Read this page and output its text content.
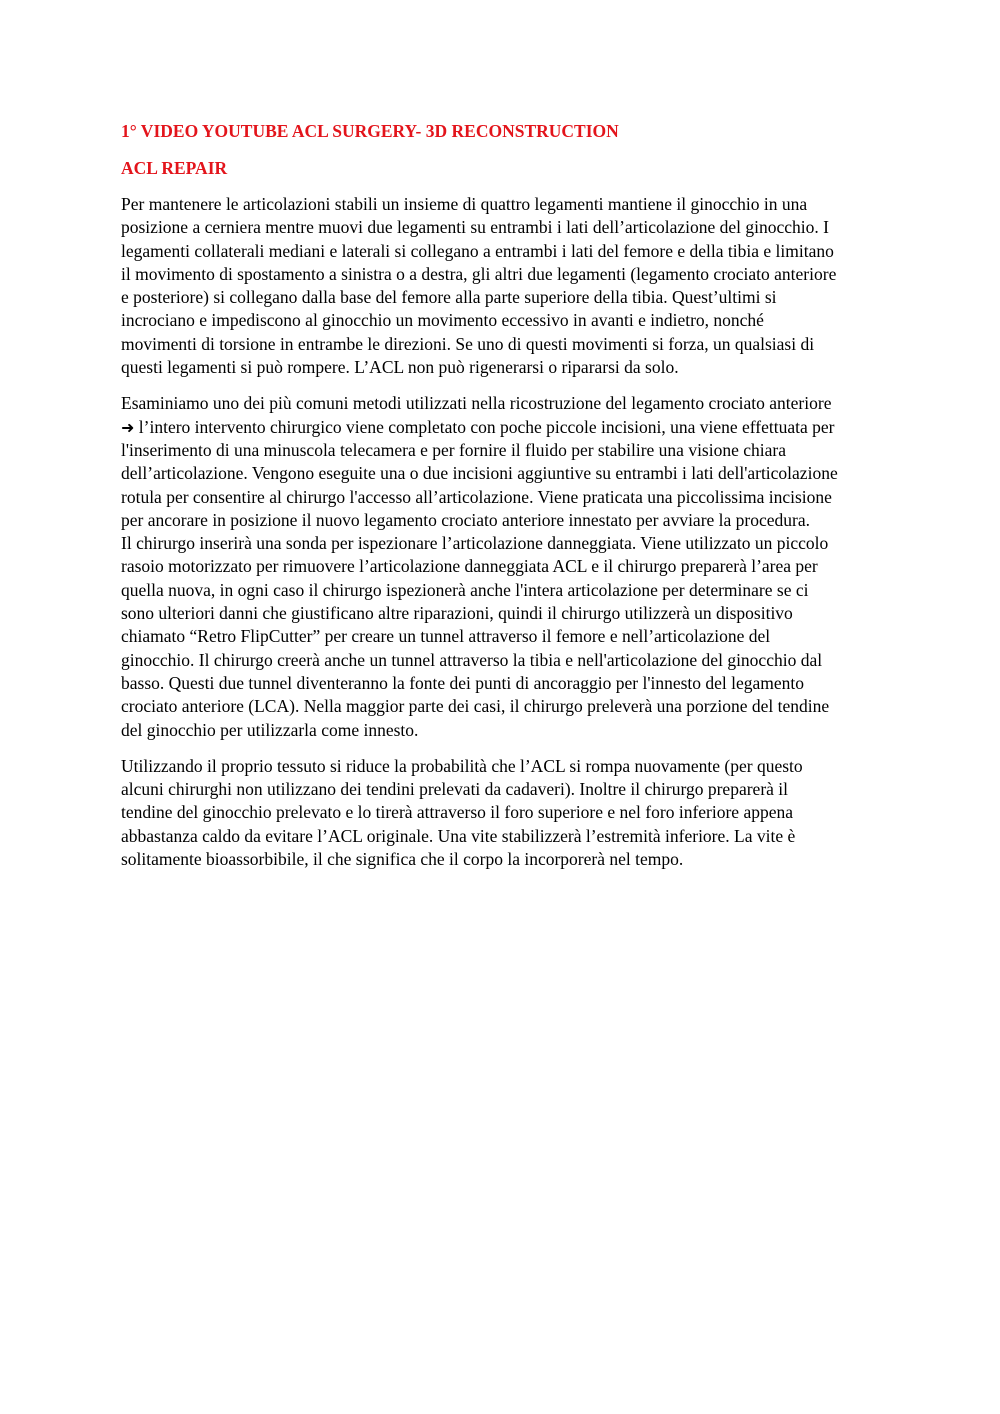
1° VIDEO YOUTUBE ACL SURGERY- 3D RECONSTRUCTION

ACL REPAIR

Per mantenere le articolazioni stabili un insieme di quattro legamenti mantiene il ginocchio in una
posizione a cerniera mentre muovi due legamenti su entrambi i lati dell’articolazione del ginocchio. I
legamenti collaterali mediani e laterali si collegano a entrambi i lati del femore e della tibia e limitano
il movimento di spostamento a sinistra o a destra, gli altri due legamenti (legamento crociato anteriore
e posteriore) si collegano dalla base del femore alla parte superiore della tibia. Quest’ultimi si
incrociano e impediscono al ginocchio un movimento eccessivo in avanti e indietro, nonché
movimenti di torsione in entrambe le direzioni. Se uno di questi movimenti si forza, un qualsiasi di
questi legamenti si può rompere. L’ACL non può rigenerarsi o ripararsi da solo.

Esaminiamo uno dei più comuni metodi utilizzati nella ricostruzione del legamento crociato anteriore
➜ l’intero intervento chirurgico viene completato con poche piccole incisioni, una viene effettuata per
l'inserimento di una minuscola telecamera e per fornire il fluido per stabilire una visione chiara
dell’articolazione. Vengono eseguite una o due incisioni aggiuntive su entrambi i lati dell'articolazione
rotula per consentire al chirurgo l'accesso all’articolazione. Viene praticata una piccolissima incisione
per ancorare in posizione il nuovo legamento crociato anteriore innestato per avviare la procedura.
Il chirurgo inserirà una sonda per ispezionare l’articolazione danneggiata. Viene utilizzato un piccolo
rasoio motorizzato per rimuovere l’articolazione danneggiata ACL e il chirurgo preparerà l’area per
quella nuova, in ogni caso il chirurgo ispezionerà anche l'intera articolazione per determinare se ci
sono ulteriori danni che giustificano altre riparazioni, quindi il chirurgo utilizzerà un dispositivo
chiamato “Retro FlipCutter” per creare un tunnel attraverso il femore e nell’articolazione del
ginocchio. Il chirurgo creerà anche un tunnel attraverso la tibia e nell'articolazione del ginocchio dal
basso. Questi due tunnel diventeranno la fonte dei punti di ancoraggio per l'innesto del legamento
crociato anteriore (LCA). Nella maggior parte dei casi, il chirurgo preleverà una porzione del tendine
del ginocchio per utilizzarla come innesto.

Utilizzando il proprio tessuto si riduce la probabilità che l’ACL si rompa nuovamente (per questo
alcuni chirurghi non utilizzano dei tendini prelevati da cadaveri). Inoltre il chirurgo preparerà il
tendine del ginocchio prelevato e lo tirerà attraverso il foro superiore e nel foro inferiore appena
abbastanza caldo da evitare l’ACL originale. Una vite stabilizzerà l’estremità inferiore. La vite è
solitamente bioassorbibile, il che significa che il corpo la incorporerà nel tempo.
